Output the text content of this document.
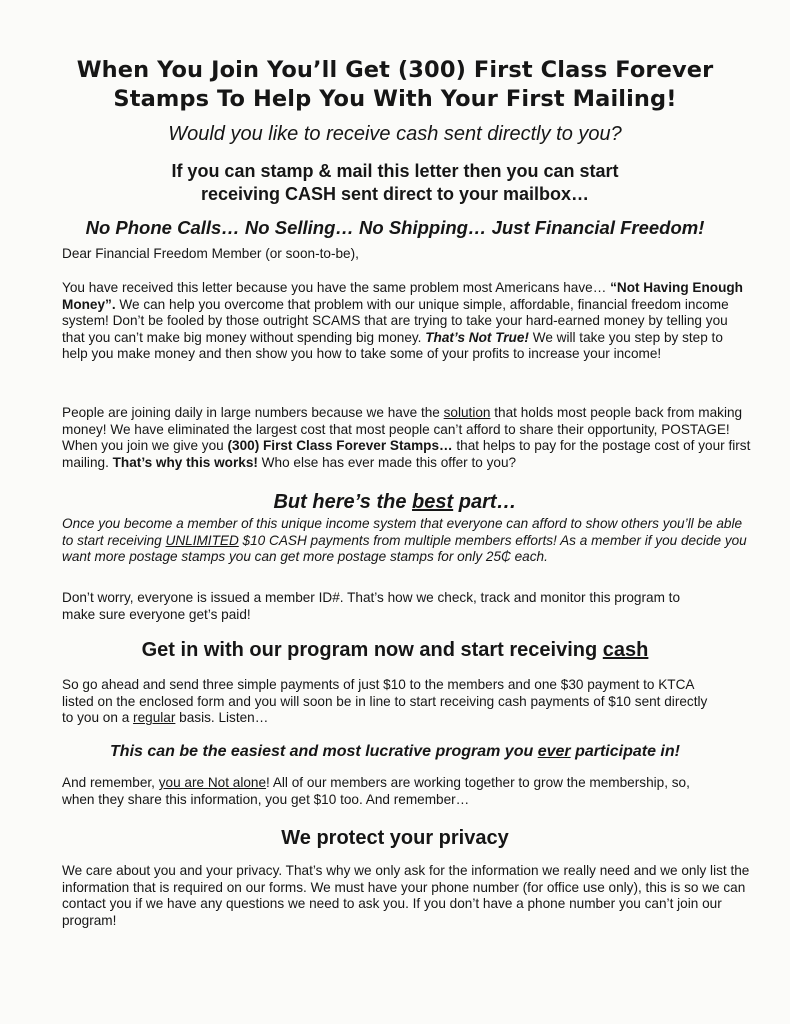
When You Join You’ll Get (300) First Class Forever
Stamps To Help You With Your First Mailing!
Would you like to receive cash sent directly to you?
If you can stamp & mail this letter then you can start
receiving CASH sent direct to your mailbox…
No Phone Calls… No Selling… No Shipping… Just Financial Freedom!
Dear Financial Freedom Member (or soon-to-be),
You have received this letter because you have the same problem most Americans have… “Not Having Enough Money”. We can help you overcome that problem with our unique simple, affordable, financial freedom income system! Don’t be fooled by those outright SCAMS that are trying to take your hard-earned money by telling you that you can’t make big money without spending big money. That’s Not True! We will take you step by step to help you make money and then show you how to take some of your profits to increase your income!
People are joining daily in large numbers because we have the solution that holds most people back from making money! We have eliminated the largest cost that most people can’t afford to share their opportunity, POSTAGE! When you join we give you (300) First Class Forever Stamps… that helps to pay for the postage cost of your first mailing. That’s why this works! Who else has ever made this offer to you?
But here’s the best part…
Once you become a member of this unique income system that everyone can afford to show others you’ll be able to start receiving UNLIMITED $10 CASH payments from multiple members efforts! As a member if you decide you want more postage stamps you can get more postage stamps for only 25₵ each.
Don’t worry, everyone is issued a member ID#. That’s how we check, track and monitor this program to make sure everyone get’s paid!
Get in with our program now and start receiving cash
So go ahead and send three simple payments of just $10 to the members and one $30 payment to KTCA listed on the enclosed form and you will soon be in line to start receiving cash payments of $10 sent directly to you on a regular basis. Listen…
This can be the easiest and most lucrative program you ever participate in!
And remember, you are Not alone! All of our members are working together to grow the membership, so, when they share this information, you get $10 too. And remember…
We protect your privacy
We care about you and your privacy. That’s why we only ask for the information we really need and we only list the information that is required on our forms. We must have your phone number (for office use only), this is so we can contact you if we have any questions we need to ask you. If you don’t have a phone number you can’t join our program!
